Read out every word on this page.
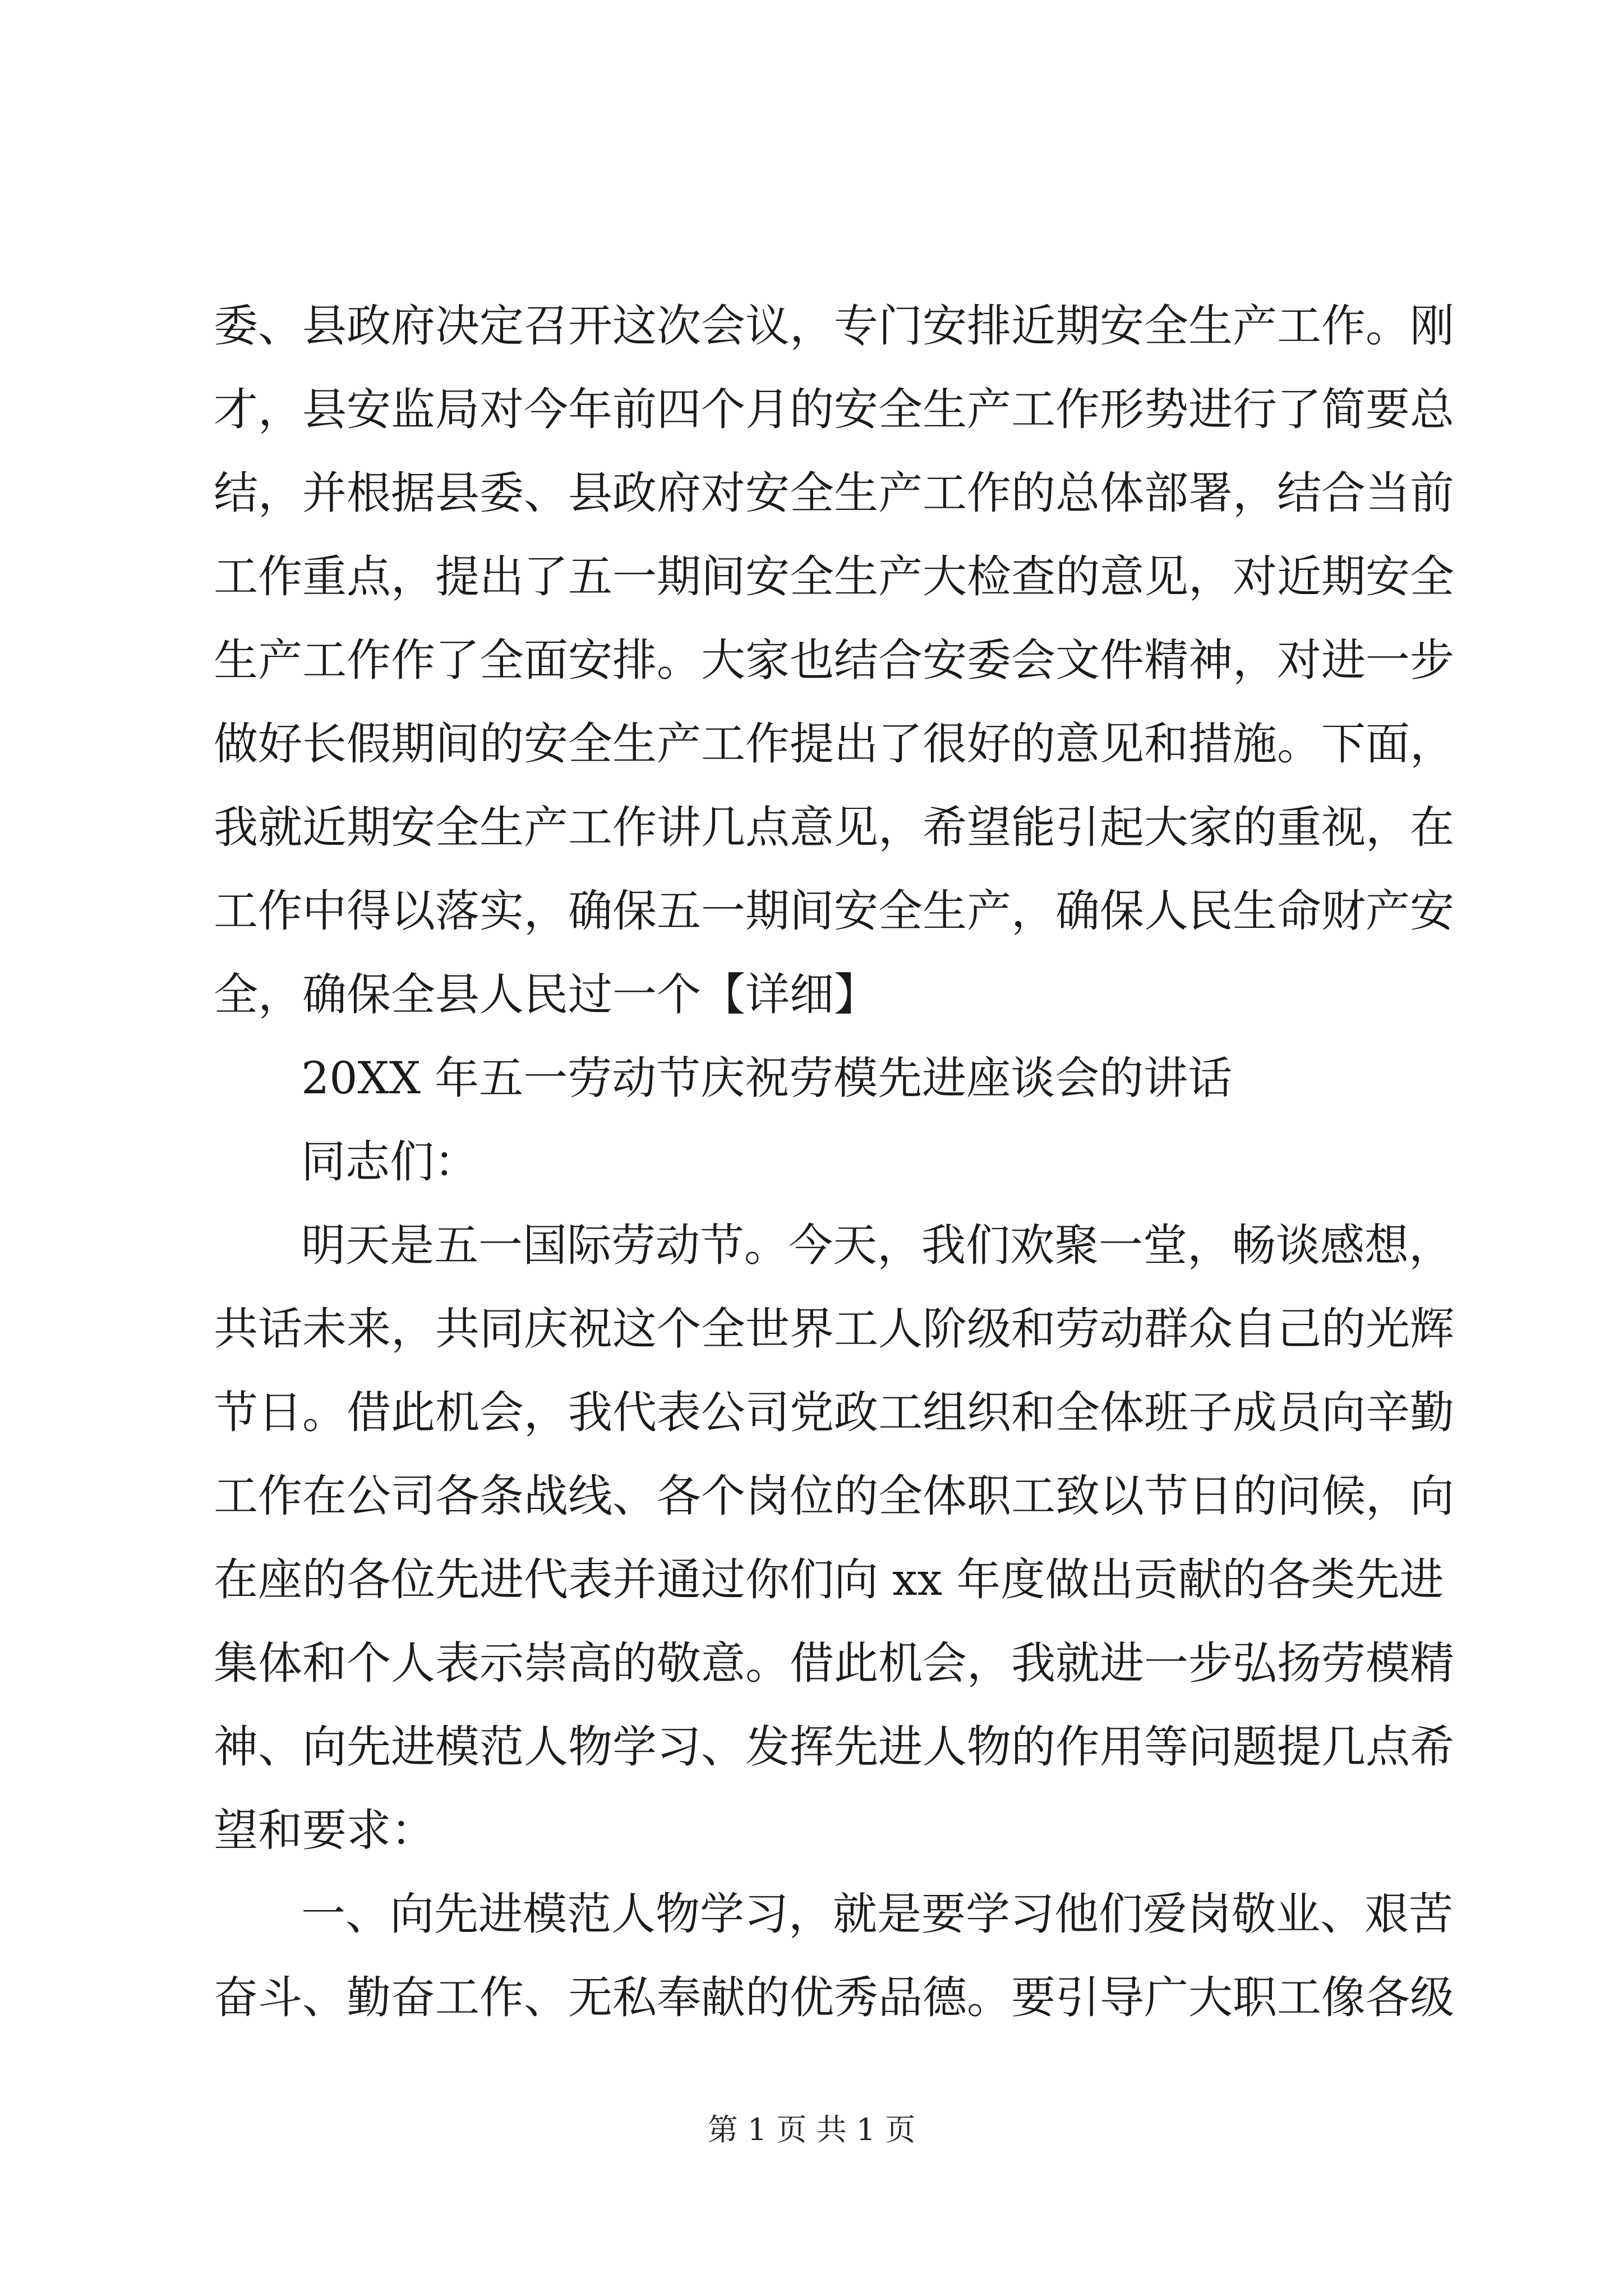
委、县政府决定召开这次会议，专门安排近期安全生产工作。刚
才，县安监局对今年前四个月的安全生产工作形势进行了简要总
结，并根据县委、县政府对安全生产工作的总体部署，结合当前
工作重点，提出了五一期间安全生产大检查的意见，对近期安全
生产工作作了全面安排。大家也结合安委会文件精神，对进一步
做好长假期间的安全生产工作提出了很好的意见和措施。下面，
我就近期安全生产工作讲几点意见，希望能引起大家的重视，在
工作中得以落实，确保五一期间安全生产，确保人民生命财产安
全，确保全县人民过一个【详细】
20XX 年五一劳动节庆祝劳模先进座谈会的讲话
同志们：
明天是五一国际劳动节。今天，我们欢聚一堂，畅谈感想，
共话未来，共同庆祝这个全世界工人阶级和劳动群众自己的光辉
节日。借此机会，我代表公司党政工组织和全体班子成员向辛勤
工作在公司各条战线、各个岗位的全体职工致以节日的问候，向
在座的各位先进代表并通过你们向 xx 年度做出贡献的各类先进
集体和个人表示崇高的敬意。借此机会，我就进一步弘扬劳模精
神、向先进模范人物学习、发挥先进人物的作用等问题提几点希
望和要求：
一、向先进模范人物学习，就是要学习他们爱岗敬业、艰苦
奋斗、勤奋工作、无私奉献的优秀品德。要引导广大职工像各级
第 1 页 共 1 页
